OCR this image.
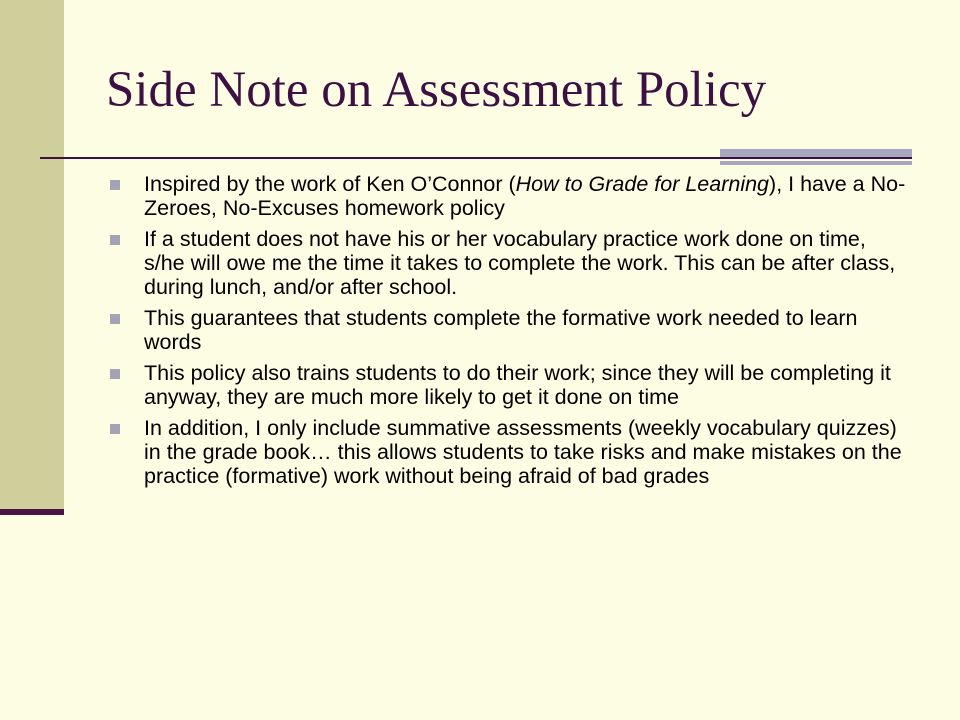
Side Note on Assessment Policy
Inspired by the work of Ken O’Connor (How to Grade for Learning), I have a No-Zeroes, No-Excuses homework policy
If a student does not have his or her vocabulary practice work done on time, s/he will owe me the time it takes to complete the work. This can be after class, during lunch, and/or after school.
This guarantees that students complete the formative work needed to learn words
This policy also trains students to do their work; since they will be completing it anyway, they are much more likely to get it done on time
In addition, I only include summative assessments (weekly vocabulary quizzes) in the grade book… this allows students to take risks and make mistakes on the practice (formative) work without being afraid of bad grades
